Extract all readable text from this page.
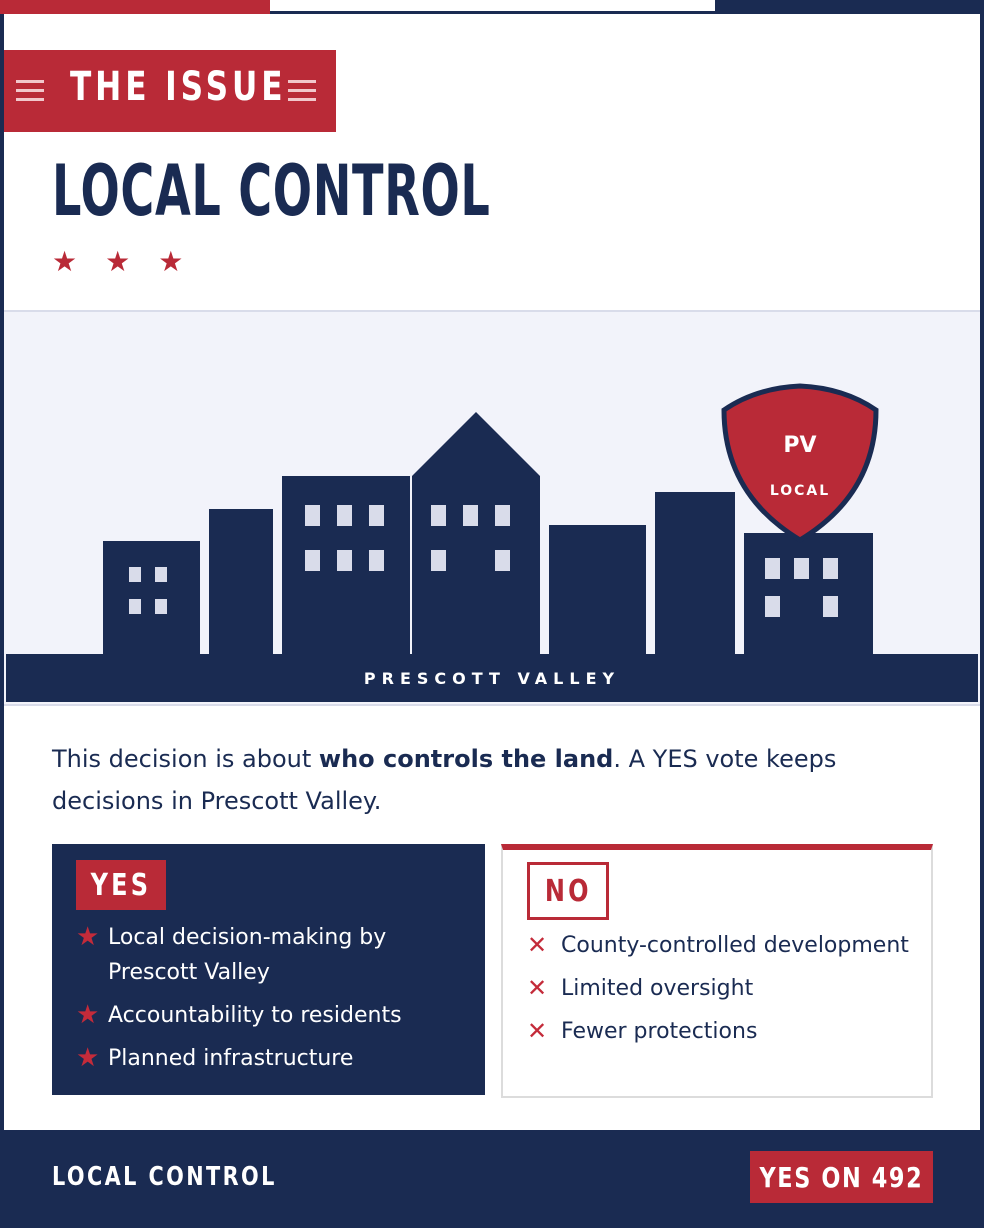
THE ISSUE
LOCAL CONTROL
★ ★ ★
PV
LOCAL
PRESCOTT VALLEY

This decision is about who controls the land. A YES vote keeps decisions in Prescott Valley.

YES
★ Local decision-making by Prescott Valley
★ Accountability to residents
★ Planned infrastructure
NO
✕ County-controlled development
✕ Limited oversight
✕ Fewer protections
LOCAL CONTROL	YES ON 492
